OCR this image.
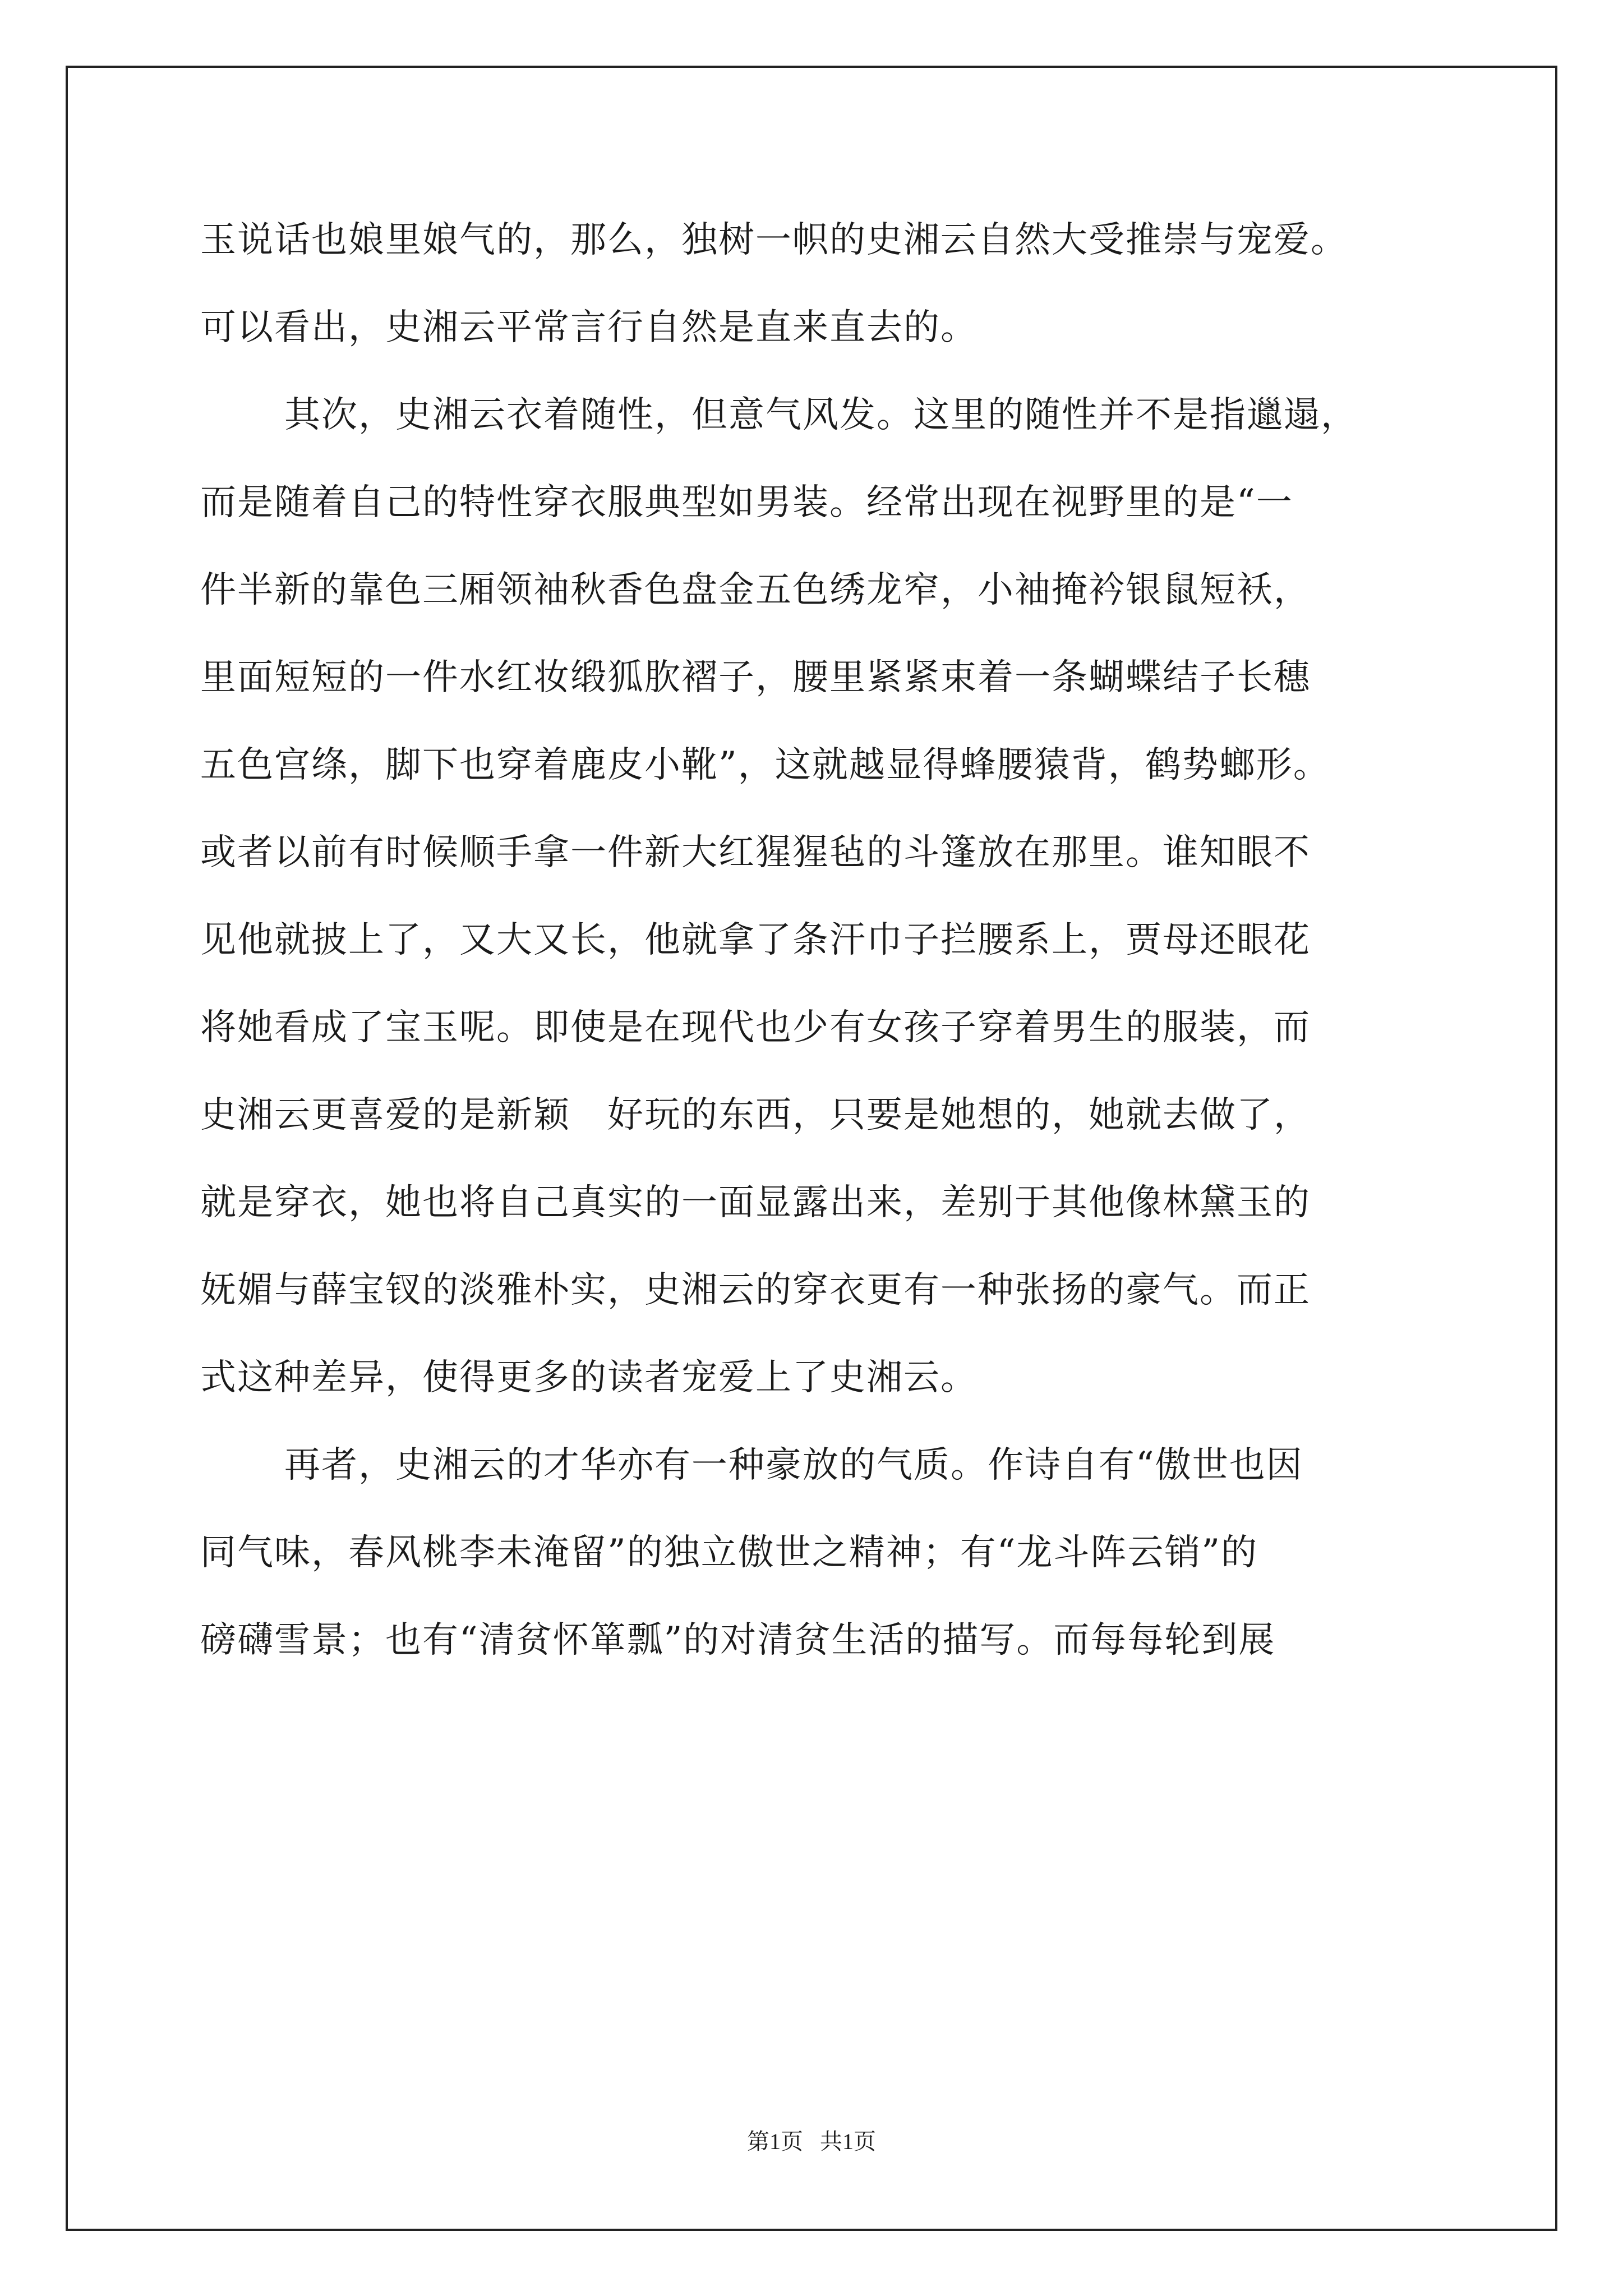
玉说话也娘里娘气的，那么，独树一帜的史湘云自然大受推崇与宠爱。
可以看出，史湘云平常言行自然是直来直去的。
其次，史湘云衣着随性，但意气风发。这里的随性并不是指邋遢，
而是随着自己的特性穿衣服典型如男装。经常出现在视野里的是“一
件半新的靠色三厢领袖秋香色盘金五色绣龙窄，小袖掩衿银鼠短袄，
里面短短的一件水红妆缎狐肷褶子，腰里紧紧束着一条蝴蝶结子长穗
五色宫绦，脚下也穿着鹿皮小靴”，这就越显得蜂腰猿背，鹤势螂形。
或者以前有时候顺手拿一件新大红猩猩毡的斗篷放在那里。谁知眼不
见他就披上了，又大又长，他就拿了条汗巾子拦腰系上，贾母还眼花
将她看成了宝玉呢。即使是在现代也少有女孩子穿着男生的服装，而
史湘云更喜爱的是新颖　好玩的东西，只要是她想的，她就去做了，
就是穿衣，她也将自己真实的一面显露出来，差别于其他像林黛玉的
妩媚与薛宝钗的淡雅朴实，史湘云的穿衣更有一种张扬的豪气。而正
式这种差异，使得更多的读者宠爱上了史湘云。
再者，史湘云的才华亦有一种豪放的气质。作诗自有“傲世也因
同气味，春风桃李未淹留”的独立傲世之精神；有“龙斗阵云销”的
磅礴雪景；也有“清贫怀箪瓢”的对清贫生活的描写。而每每轮到展
第1页 共1页
